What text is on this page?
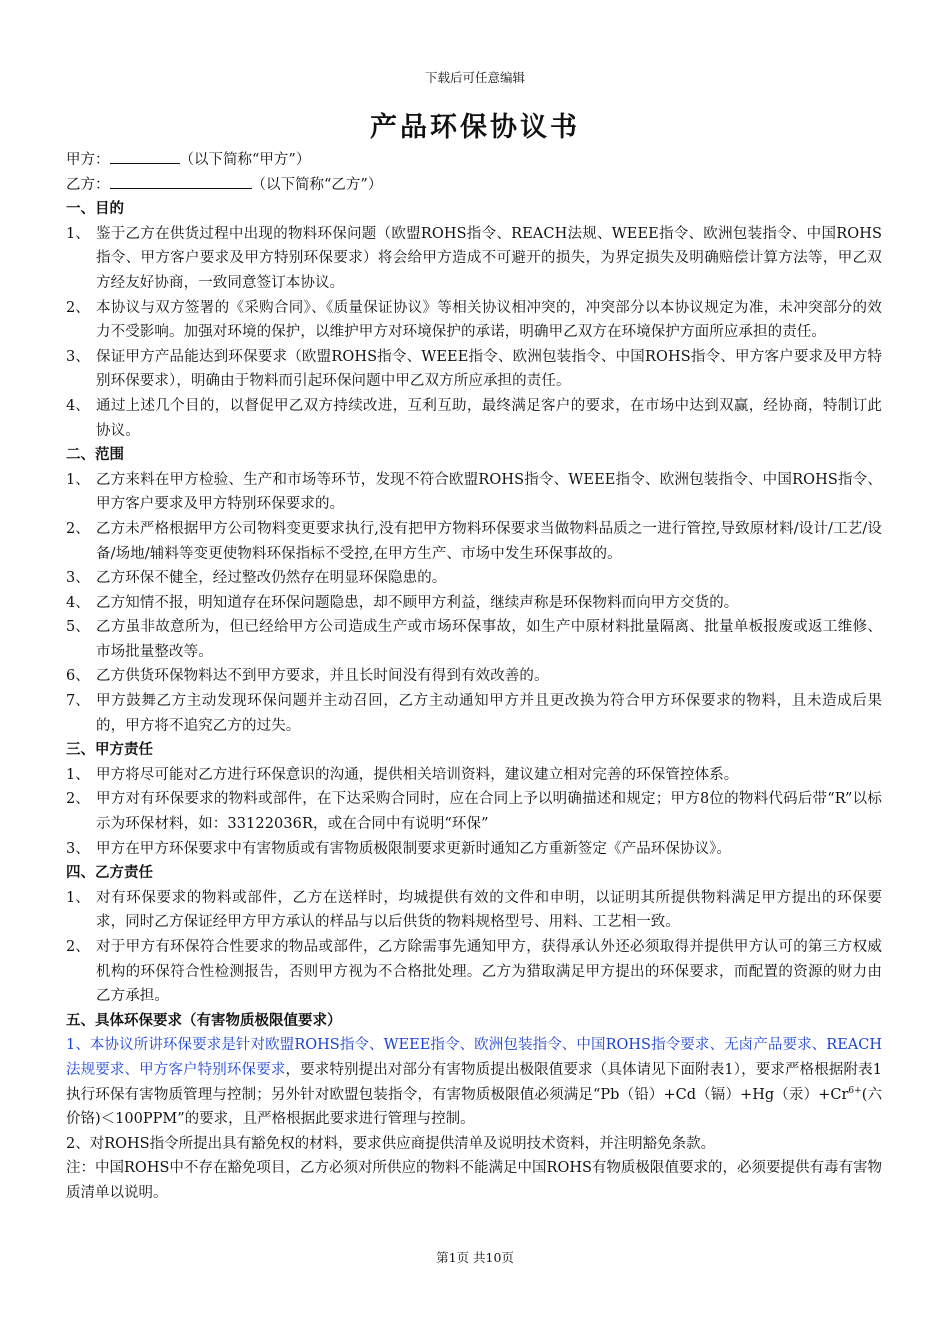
下载后可任意编辑
产品环保协议书
甲方：	（以下简称“甲方”）
乙方：	（以下简称“乙方”）
一、目的
1、 鉴于乙方在供货过程中出现的物料环保问题（欧盟ROHS指令、REACH法规、WEEE指令、欧洲包装指令、中国ROHS指令、甲方客户要求及甲方特别环保要求）将会给甲方造成不可避开的损失，为界定损失及明确赔偿计算方法等，甲乙双方经友好协商，一致同意签订本协议。
2、 本协议与双方签署的《采购合同》、《质量保证协议》等相关协议相冲突的，冲突部分以本协议规定为准，未冲突部分的效力不受影响。加强对环境的保护，以维护甲方对环境保护的承诺，明确甲乙双方在环境保护方面所应承担的责任。
3、 保证甲方产品能达到环保要求（欧盟ROHS指令、WEEE指令、欧洲包装指令、中国ROHS指令、甲方客户要求及甲方特别环保要求），明确由于物料而引起环保问题中甲乙双方所应承担的责任。
4、 通过上述几个目的，以督促甲乙双方持续改进，互利互助，最终满足客户的要求，在市场中达到双赢，经协商，特制订此协议。
二、范围
1、 乙方来料在甲方检验、生产和市场等环节，发现不符合欧盟ROHS指令、WEEE指令、欧洲包装指令、中国ROHS指令、甲方客户要求及甲方特别环保要求的。
2、 乙方未严格根据甲方公司物料变更要求执行,没有把甲方物料环保要求当做物料品质之一进行管控,导致原材料/设计/工艺/设备/场地/辅料等变更使物料环保指标不受控,在甲方生产、市场中发生环保事故的。
3、 乙方环保不健全，经过整改仍然存在明显环保隐患的。
4、 乙方知情不报，明知道存在环保问题隐患，却不顾甲方利益，继续声称是环保物料而向甲方交货的。
5、 乙方虽非故意所为，但已经给甲方公司造成生产或市场环保事故，如生产中原材料批量隔离、批量单板报废或返工维修、市场批量整改等。
6、 乙方供货环保物料达不到甲方要求，并且长时间没有得到有效改善的。
7、 甲方鼓舞乙方主动发现环保问题并主动召回，乙方主动通知甲方并且更改换为符合甲方环保要求的物料，且未造成后果的，甲方将不追究乙方的过失。
三、甲方责任
1、 甲方将尽可能对乙方进行环保意识的沟通，提供相关培训资料，建议建立相对完善的环保管控体系。
2、 甲方对有环保要求的物料或部件，在下达采购合同时，应在合同上予以明确描述和规定；甲方8位的物料代码后带“R”以标示为环保材料，如：33122036R，或在合同中有说明“环保”
3、 甲方在甲方环保要求中有害物质或有害物质极限制要求更新时通知乙方重新签定《产品环保协议》。
四、乙方责任
1、 对有环保要求的物料或部件，乙方在送样时，均城提供有效的文件和申明，以证明其所提供物料满足甲方提出的环保要求，同时乙方保证经甲方甲方承认的样品与以后供货的物料规格型号、用料、工艺相一致。
2、 对于甲方有环保符合性要求的物品或部件，乙方除需事先通知甲方，获得承认外还必须取得并提供甲方认可的第三方权威机构的环保符合性检测报告，否则甲方视为不合格批处理。乙方为猎取满足甲方提出的环保要求，而配置的资源的财力由乙方承担。
五、具体环保要求（有害物质极限值要求）
1、本协议所讲环保要求是针对欧盟ROHS指令、WEEE指令、欧洲包装指令、中国ROHS指令要求、无卤产品要求、REACH法规要求、甲方客户特别环保要求，要求特别提出对部分有害物质提出极限值要求（具体请见下面附表1），要求严格根据附表1执行环保有害物质管理与控制；另外针对欧盟包装指令，有害物质极限值必须满足“Pb（铅）+Cd（镉）+Hg（汞）$+Cr^{6+}$(六价铬)＜100PPM”的要求，且严格根据此要求进行管理与控制。
2、对ROHS指令所提出具有豁免权的材料，要求供应商提供清单及说明技术资料，并注明豁免条款。
注：中国ROHS中不存在豁免项目，乙方必须对所供应的物料不能满足中国ROHS有物质极限值要求的，必须要提供有毒有害物质清单以说明。
第1页 共10页
